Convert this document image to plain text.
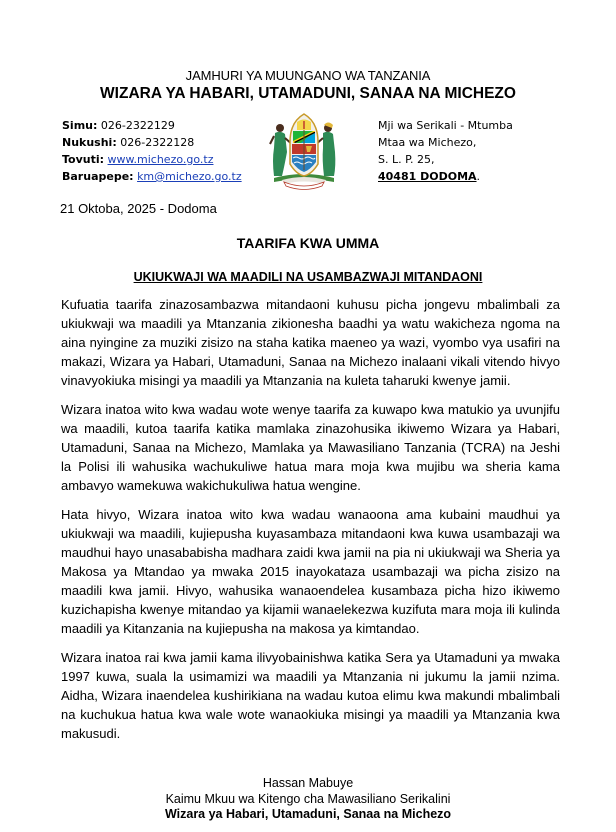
JAMHURI YA MUUNGANO WA TANZANIA
WIZARA YA HABARI, UTAMADUNI, SANAA NA MICHEZO
Simu: 026-2322129
Nukushi: 026-2322128
Tovuti: www.michezo.go.tz
Baruapepe: km@michezo.go.tz
Mji wa Serikali - Mtumba
Mtaa wa Michezo,
S. L. P. 25,
40481 DODOMA.
21 Oktoba, 2025 - Dodoma
TAARIFA KWA UMMA
UKIUKWAJI WA MAADILI NA USAMBAZWAJI MITANDAONI

Kufuatia taarifa zinazosambazwa mitandaoni kuhusu picha jongevu mbalimbali za ukiukwaji wa maadili ya Mtanzania zikionesha baadhi ya watu wakicheza ngoma na aina nyingine za muziki zisizo na staha katika maeneo ya wazi, vyombo vya usafiri na makazi, Wizara ya Habari, Utamaduni, Sanaa na Michezo inalaani vikali vitendo hivyo vinavyokiuka misingi ya maadili ya Mtanzania na kuleta taharuki kwenye jamii.

Wizara inatoa wito kwa wadau wote wenye taarifa za kuwapo kwa matukio ya uvunjifu wa maadili, kutoa taarifa katika mamlaka zinazohusika ikiwemo Wizara ya Habari, Utamaduni, Sanaa na Michezo, Mamlaka ya Mawasiliano Tanzania (TCRA) na Jeshi la Polisi ili wahusika wachukuliwe hatua mara moja kwa mujibu wa sheria kama ambavyo wamekuwa wakichukuliwa hatua wengine.

Hata hivyo, Wizara inatoa wito kwa wadau wanaoona ama kubaini maudhui ya ukiukwaji wa maadili, kujiepusha kuyasambaza mitandaoni kwa kuwa usambazaji wa maudhui hayo unasababisha madhara zaidi kwa jamii na pia ni ukiukwaji wa Sheria ya Makosa ya Mtandao ya mwaka 2015 inayokataza usambazaji wa picha zisizo na maadili kwa jamii. Hivyo, wahusika wanaoendelea kusambaza picha hizo ikiwemo kuzichapisha kwenye mitandao ya kijamii wanaelekezwa kuzifuta mara moja ili kulinda maadili ya Kitanzania na kujiepusha na makosa ya kimtandao.

Wizara inatoa rai kwa jamii kama ilivyobainishwa katika Sera ya Utamaduni ya mwaka 1997 kuwa, suala la usimamizi wa maadili ya Mtanzania ni jukumu la jamii nzima. Aidha, Wizara inaendelea kushirikiana na wadau kutoa elimu kwa makundi mbalimbali na kuchukua hatua kwa wale wote wanaokiuka misingi ya maadili ya Mtanzania kwa makusudi.

Hassan Mabuye
Kaimu Mkuu wa Kitengo cha Mawasiliano Serikalini
Wizara ya Habari, Utamaduni, Sanaa na Michezo
